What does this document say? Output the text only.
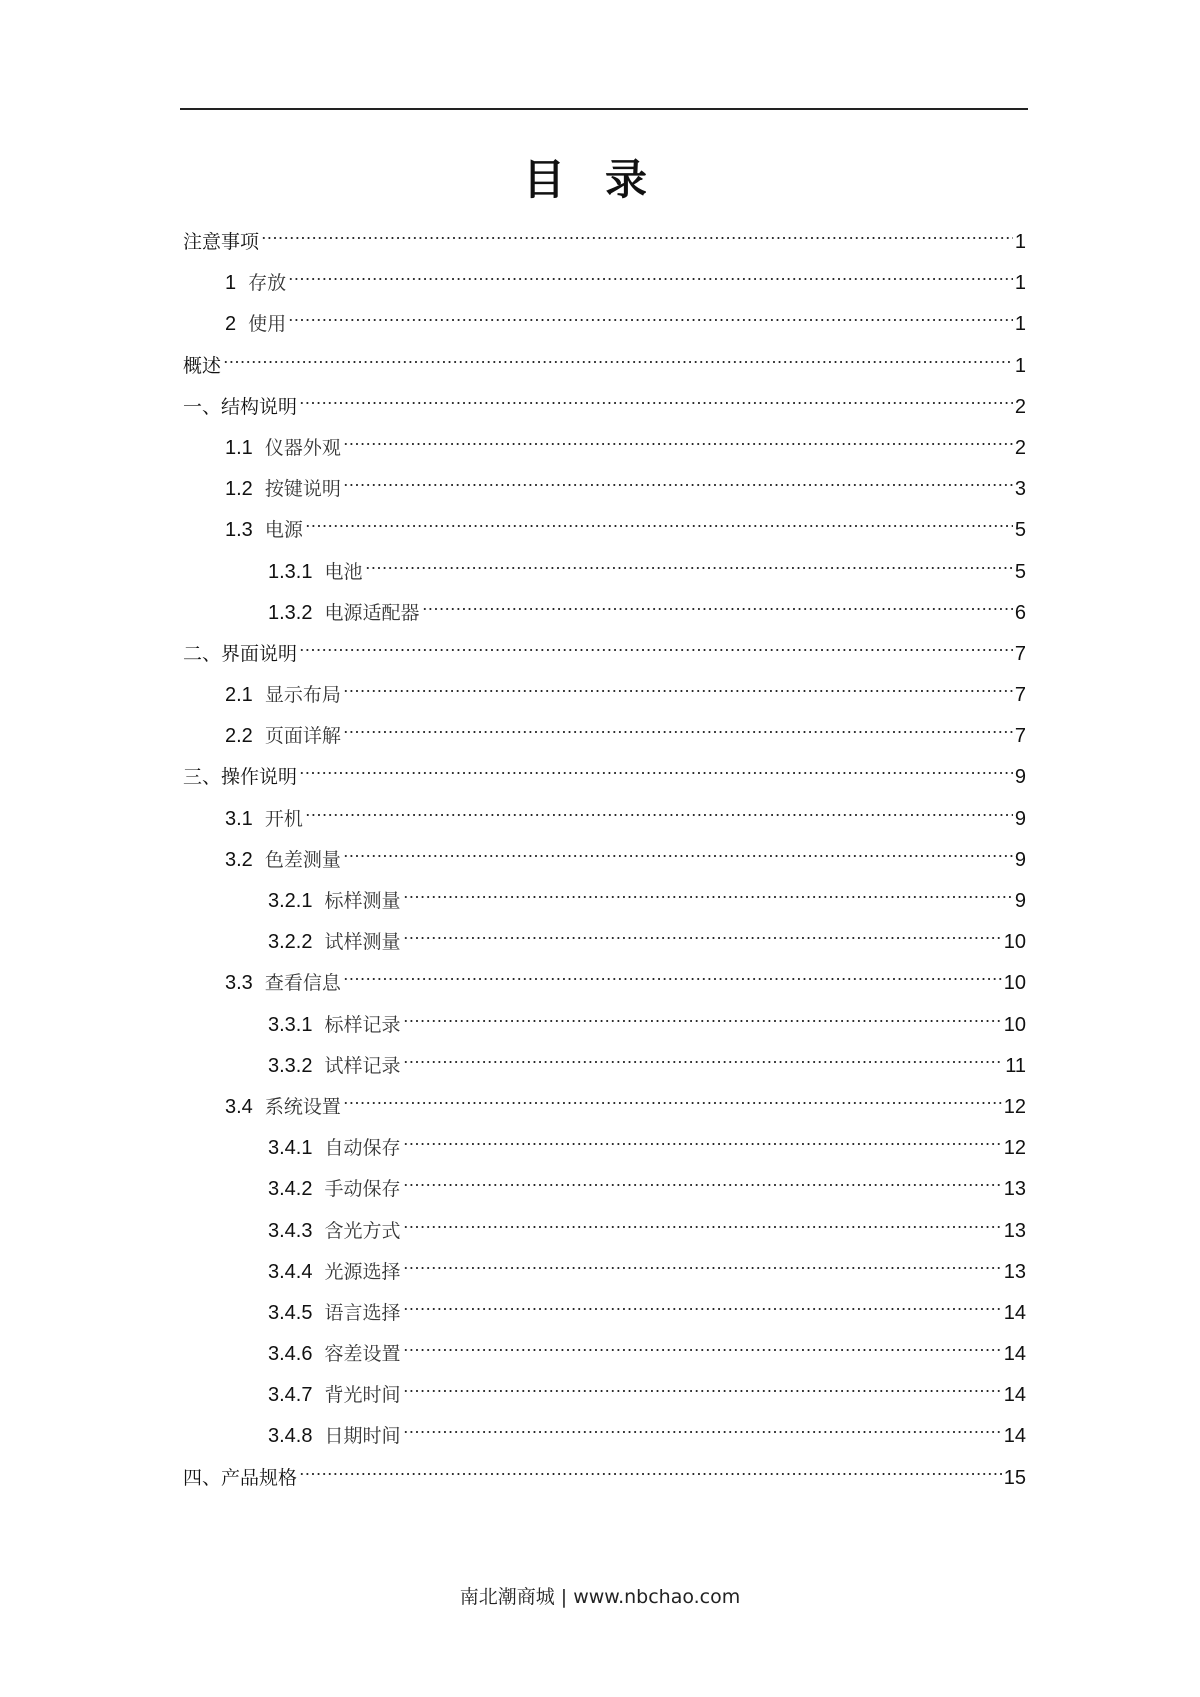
目录
注意事项	1
1 存放	1
2 使用	1
概述	1
一、结构说明	2
1.1 仪器外观	2
1.2 按键说明	3
1.3 电源	5
1.3.1 电池	5
1.3.2 电源适配器	6
二、界面说明	7
2.1 显示布局	7
2.2 页面详解	7
三、操作说明	9
3.1 开机	9
3.2 色差测量	9
3.2.1 标样测量	9
3.2.2 试样测量	10
3.3 查看信息	10
3.3.1 标样记录	10
3.3.2 试样记录	11
3.4 系统设置	12
3.4.1 自动保存	12
3.4.2 手动保存	13
3.4.3 含光方式	13
3.4.4 光源选择	13
3.4.5 语言选择	14
3.4.6 容差设置	14
3.4.7 背光时间	14
3.4.8 日期时间	14
四、产品规格	15
南北潮商城 | www.nbchao.com
